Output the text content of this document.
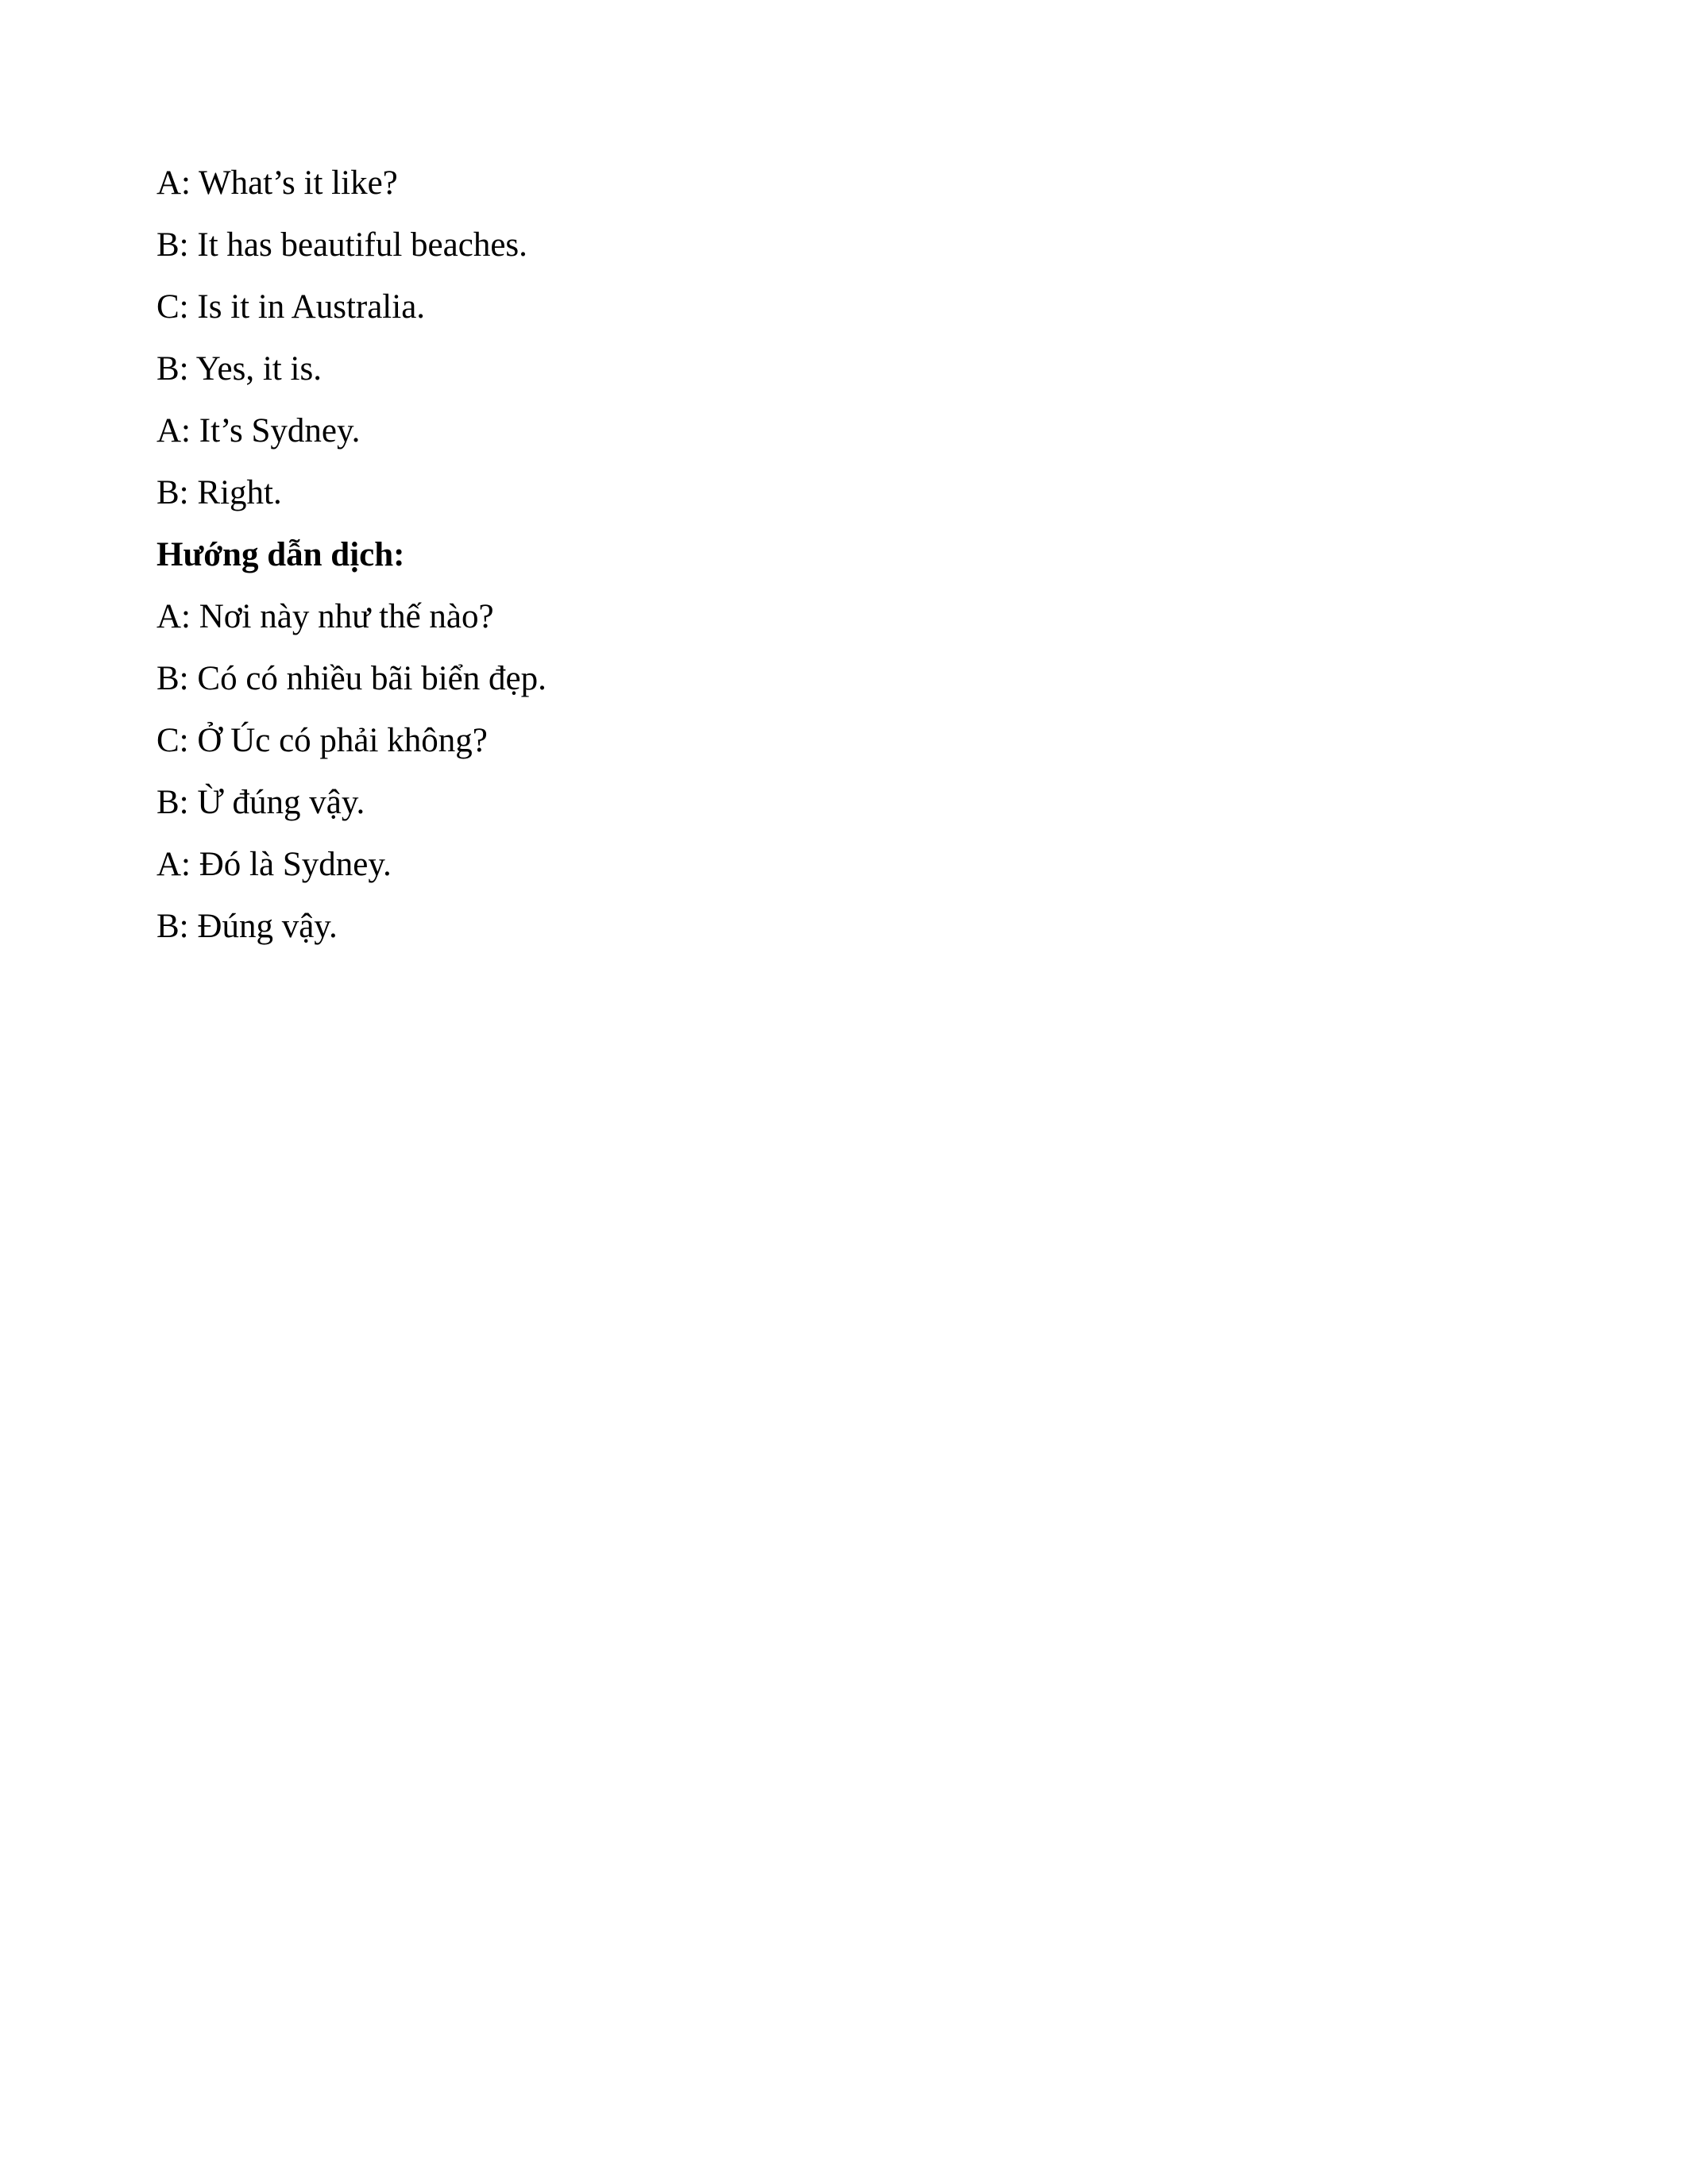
A: What’s it like?

B: It has beautiful beaches.

C: Is it in Australia.

B: Yes, it is.

A: It’s Sydney.

B: Right.

Hướng dẫn dịch:

A: Nơi này như thế nào?

B: Có có nhiều bãi biển đẹp.

C: Ở Úc có phải không?

B: Ừ đúng vậy.

A: Đó là Sydney.

B: Đúng vậy.
